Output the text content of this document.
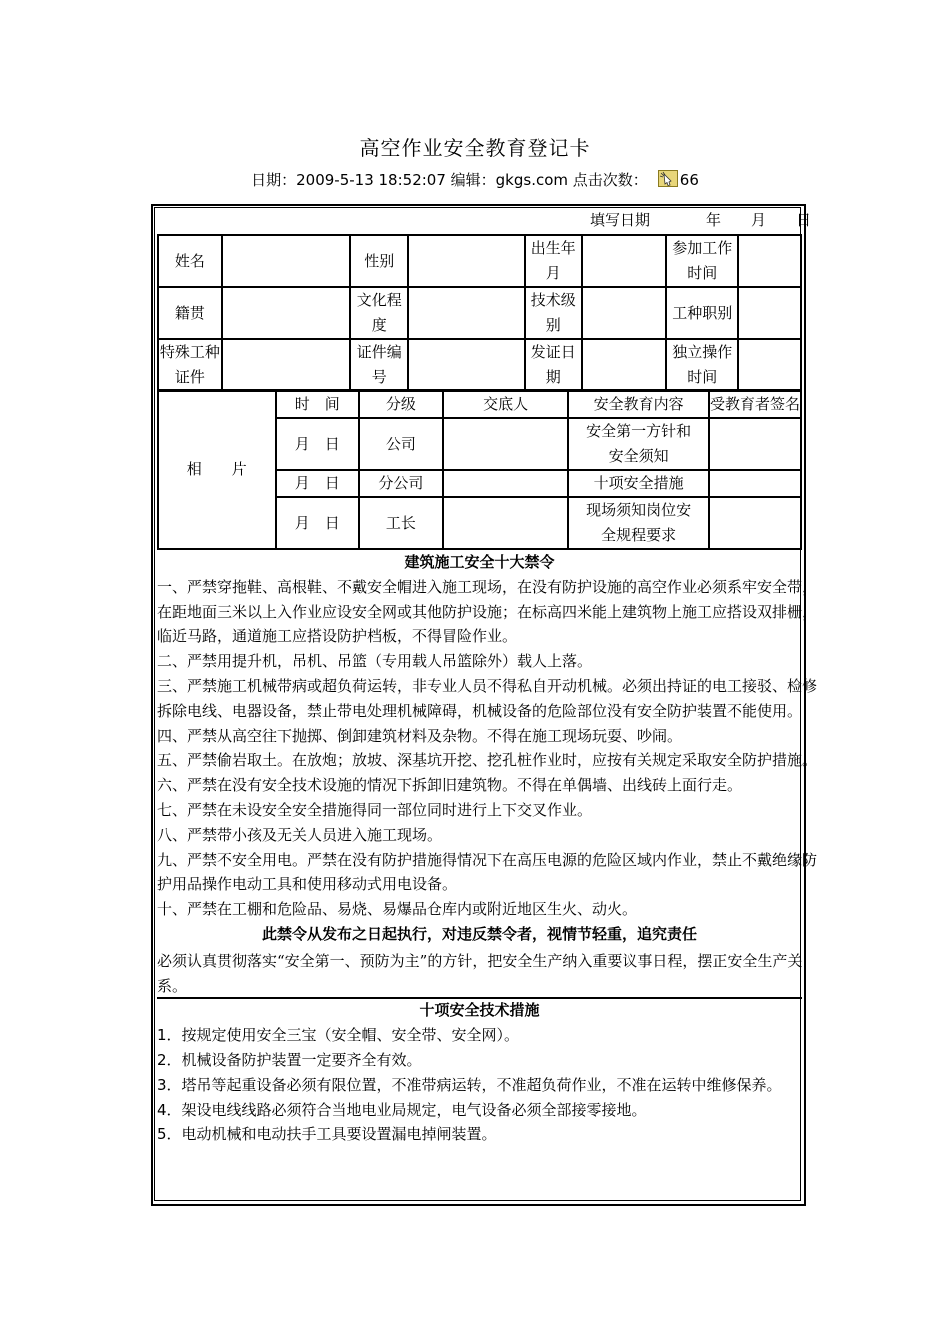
高空作业安全教育登记卡
日期：2009-5-13 18:52:07 编辑：gkgs.com 点击次数： 66
填写日期	年 月 日
姓名		性别		出生年月		参加工作时间	
籍贯		文化程度		技术级别		工种职别	
特殊工种证件		证件编号		发证日期		独立操作时间	
相　　片	时　间	分级	交底人	安全教育内容	受教育者签名
	月　日	公司		安全第一方针和安全须知	
	月　日	分公司		十项安全措施	
	月　日	工长		现场须知岗位安全规程要求	

建筑施工安全十大禁令

一、严禁穿拖鞋、高根鞋、不戴安全帽进入施工现场，在没有防护设施的高空作业必须系牢安全带，在距地面三米以上入作业应设安全网或其他防护设施；在标高四米能上建筑物上施工应搭设双排栅，临近马路，通道施工应搭设防护档板，不得冒险作业。

二、严禁用提升机，吊机、吊篮（专用载人吊篮除外）载人上落。

三、严禁施工机械带病或超负荷运转，非专业人员不得私自开动机械。必须出持证的电工接驳、检修拆除电线、电器设备，禁止带电处理机械障碍，机械设备的危险部位没有安全防护装置不能使用。

四、严禁从高空往下抛掷、倒卸建筑材料及杂物。不得在施工现场玩耍、吵闹。

五、严禁偷岩取土。在放炮；放坡、深基坑开挖、挖孔桩作业时，应按有关规定采取安全防护措施。

六、严禁在没有安全技术设施的情况下拆卸旧建筑物。不得在单偶墙、出线砖上面行走。

七、严禁在未设安全安全措施得同一部位同时进行上下交叉作业。

八、严禁带小孩及无关人员进入施工现场。

九、严禁不安全用电。严禁在没有防护措施得情况下在高压电源的危险区域内作业，禁止不戴绝缘防护用品操作电动工具和使用移动式用电设备。

十、严禁在工棚和危险品、易烧、易爆品仓库内或附近地区生火、动火。

此禁令从发布之日起执行，对违反禁令者，视情节轻重，追究责任

必须认真贯彻落实“安全第一、预防为主”的方针，把安全生产纳入重要议事日程，摆正安全生产关系。

十项安全技术措施

1．按规定使用安全三宝（安全帽、安全带、安全网）。

2．机械设备防护装置一定要齐全有效。

3．塔吊等起重设备必须有限位置，不准带病运转，不准超负荷作业，不准在运转中维修保养。

4．架设电线线路必须符合当地电业局规定，电气设备必须全部接零接地。

5．电动机械和电动扶手工具要设置漏电掉闸装置。
